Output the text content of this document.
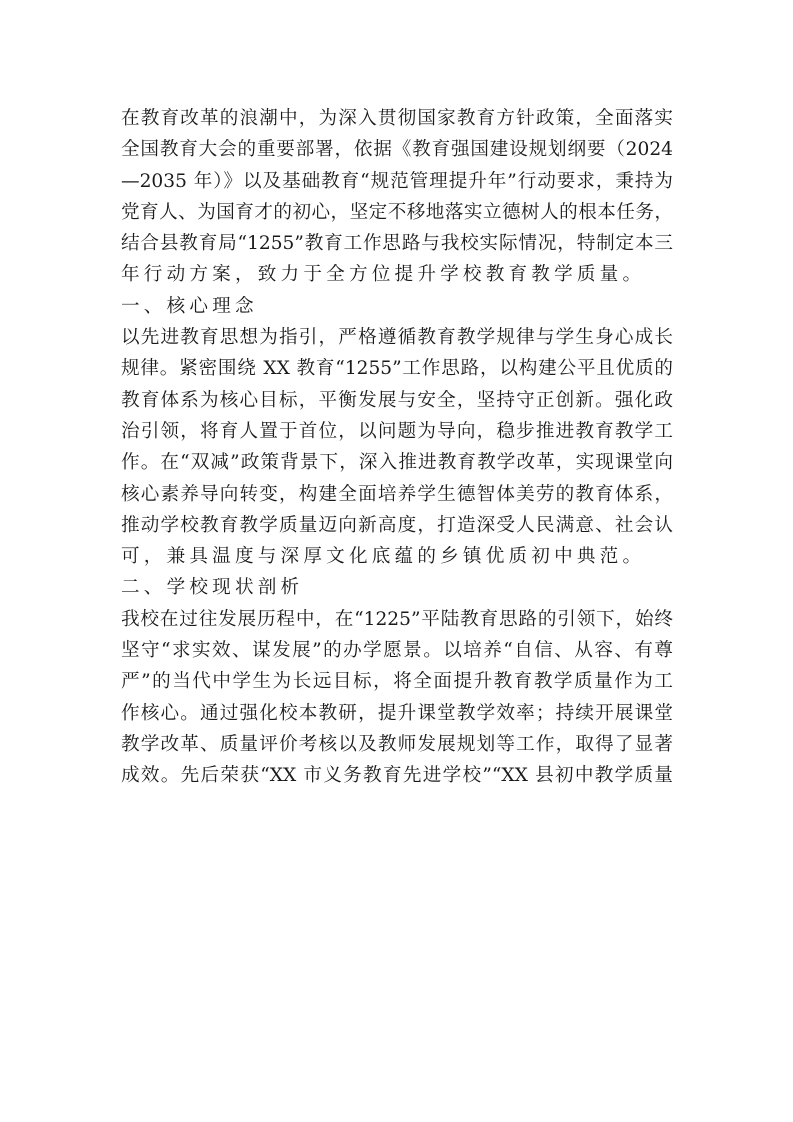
在教育改革的浪潮中，为深入贯彻国家教育方针政策，全面落实
全国教育大会的重要部署，依据《教育强国建设规划纲要（2024
—2035 年）》以及基础教育“规范管理提升年”行动要求，秉持为
党育人、为国育才的初心，坚定不移地落实立德树人的根本任务，
结合县教育局“1255”教育工作思路与我校实际情况，特制定本三
年行动方案，致力于全方位提升学校教育教学质量。
一、核心理念
以先进教育思想为指引，严格遵循教育教学规律与学生身心成长
规律。紧密围绕 XX 教育“1255”工作思路，以构建公平且优质的
教育体系为核心目标，平衡发展与安全，坚持守正创新。强化政
治引领，将育人置于首位，以问题为导向，稳步推进教育教学工
作。在“双减”政策背景下，深入推进教育教学改革，实现课堂向
核心素养导向转变，构建全面培养学生德智体美劳的教育体系，
推动学校教育教学质量迈向新高度，打造深受人民满意、社会认
可，兼具温度与深厚文化底蕴的乡镇优质初中典范。
二、学校现状剖析
我校在过往发展历程中，在“1225”平陆教育思路的引领下，始终
坚守“求实效、谋发展”的办学愿景。以培养“自信、从容、有尊
严”的当代中学生为长远目标，将全面提升教育教学质量作为工
作核心。通过强化校本教研，提升课堂教学效率；持续开展课堂
教学改革、质量评价考核以及教师发展规划等工作，取得了显著
成效。先后荣获“XX 市义务教育先进学校”“XX 县初中教学质量
